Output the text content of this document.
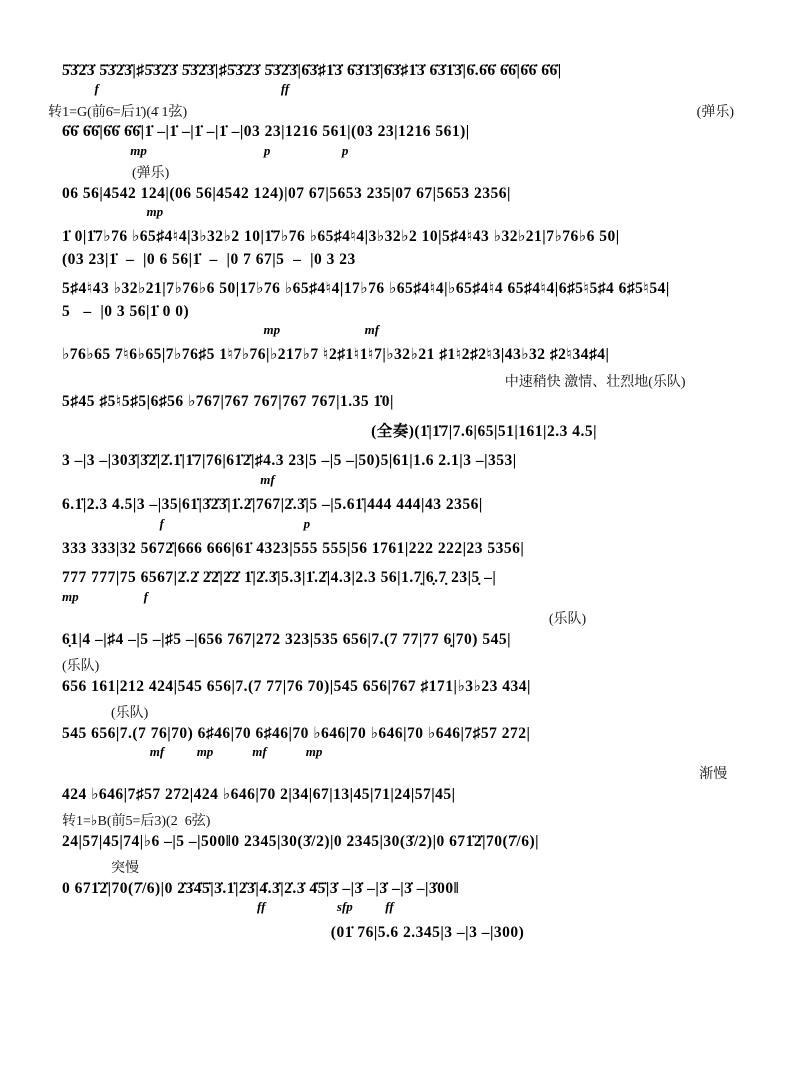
5̇3̇2̇3̇ 5̇3̇2̇3̇|♯5̇3̇2̇3̇ 5̇3̇2̇3̇|♯5̇3̇2̇3̇ 5̇3̇2̇3̇|6̇3̇♯1̇3̇ 6̇3̇1̇3̇|6̇3̇♯1̇3̇ 6̇3̇1̇3̇|6̇.6̇6̇ 6̇6̇|6̇6̇ 6̇6̇|
f                                                        ff
转1=G(前6̇=后1̇)(4̇ 1弦)	(弹乐)
6̇6̇ 6̇6̇|6̇6̇ 6̇6̇|1̇ –|1̇ –|1̇ –|1̇ –|03 23|1216 561|(03 23|1216 561)|
mp                                    p                      p
(弹乐)
06 56|4542 124|(06 56|4542 124)|07 67|5653 235|07 67|5653 2356|
mp
1̇ 0|1̇7♭76 ♭65♯4♮4|3♭32♭2 10|1̇7♭76 ♭65♯4♮4|3♭32♭2 10|5♯4♮43 ♭32♭21|7♭76♭6 50|
(03 23|1̇  –  |0 6 56|1̇  –  |0 7 67|5  –  |0 3 23
5♯4♮43 ♭32♭21|7♭76♭6 50|17♭76 ♭65♯4♮4|17♭76 ♭65♯4♮4|♭65♯4♮4 65♯4♮4|6♯5♮5♯4 6♯5♮54|
5   –  |0 3 56|1̇ 0 0)
mp                          mf
♭76♭65 7♮6♭65|7♭76♯5 1♮7♭76|♭217♭7 ♮2♯1♮1♮7|♭32♭21 ♯1♮2♯2♮3|43♭32 ♯2♮34♯4|
中速稍快 激情、壮烈地(乐队)
5♯45 ♯5♮5♯5|6♯56 ♭767|767 767|767 767|1.35 1̇0|
(全奏)(1̇|1̇7|7.6|65|51|161|2.3 4.5|
3 –|3 –|303̇|3̇2̇|2̇.1̇|1̇7|76|61̇2̇|♯4.3 23|5 –|5 –|50)5|61|1.6 2.1|3 –|353|
mf
6.1̇|2.3 4.5|3 –|35|61̇|3̇2̇3̇|1̇.2̇|767|2̇.3̇|5 –|5.61̇|444 444|43 2356|
f                                           p
333 333|32 5672̇|666 666|61̇ 4323|555 555|56 1761|222 222|23 5356|
777 777|75 6567|2̇.2̇ 2̇2̇|2̇2̇ 1̇|2̇.3̇|5.3|1̇.2̇|4.3|2.3 56|1.7̣|6̣.7̣ 23|5̣ –|
mp                    f
(乐队)
6̣1|4 –|♯4 –|5 –|♯5 –|656 767|272 323|535 656|7.(7 77|77 6̣|70) 545|
(乐队)
656 161|212 424|545 656|7.(7 77|76 70)|545 656|767 ♯171|♭3♭23 434|
(乐队)
545 656|7.(7 76|70) 6♯46|70 6♯46|70 ♭646|70 ♭646|70 ♭646|7♯57 272|
mf          mp            mf            mp
渐慢
424 ♭646|7♯57 272|424 ♭646|70 2|34|67|13|45|71|24|57|45|
转1=♭B(前5=后3)(2  6弦)
24|57|45|74|♭6 –|5 –|500‖0 2345|30(3̇/2)|0 2345|30(3̇/2)|0 671̇2̇|70(7̇/6)|
突慢
0 671̇2̇|70(7̇/6)|0 2̇3̇4̇5̇|3̇.1̇|2̇3̇|4̇.3̇|2̇.3̇ 4̇5̇|3̇ –|3̇ –|3̇ –|3̇ –|3̇00‖
ff                      sfp          ff
(01̇ 76|5.6 2.345|3 –|3 –|300)
